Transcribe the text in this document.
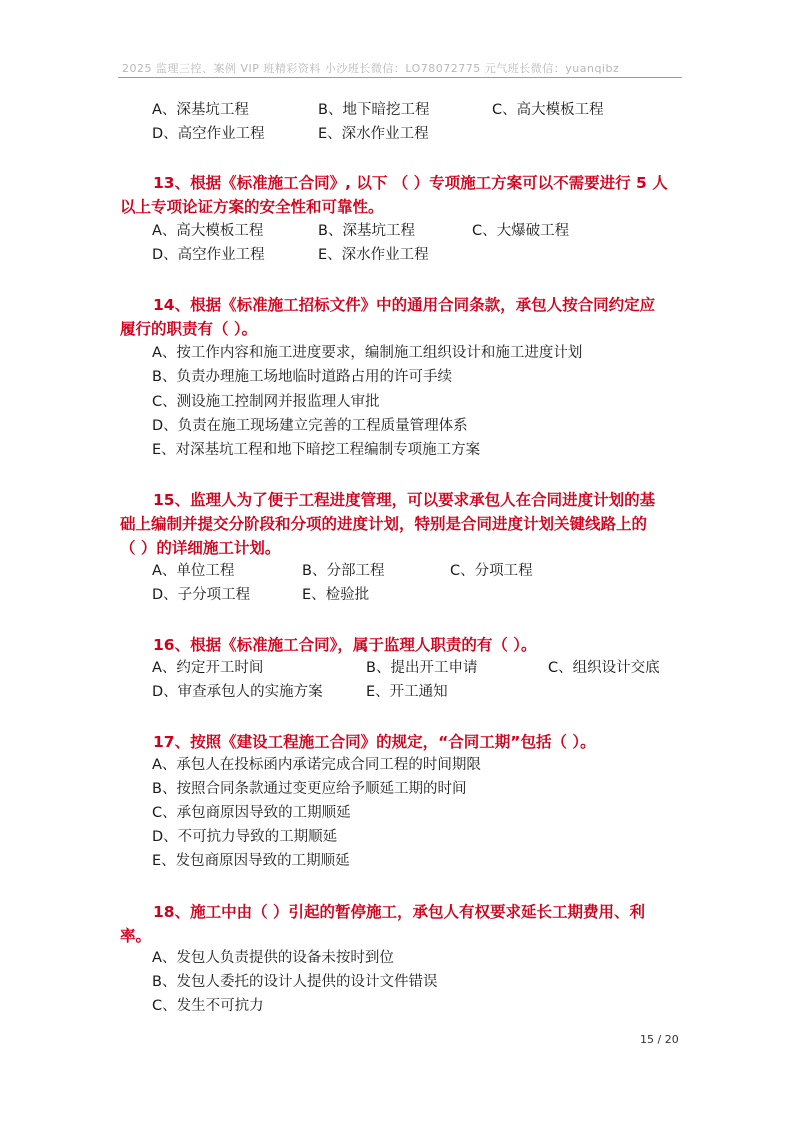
2025 监理三控、案例 VIP 班精彩资料 小沙班长微信：LO78072775 元气班长微信：yuanqibz
A、深基坑工程	B、地下暗挖工程	C、高大模板工程
D、高空作业工程	E、深水作业工程
13、根据《标准施工合同》, 以下 （ ）专项施工方案可以不需要进行 5 人
以上专项论证方案的安全性和可靠性。
A、高大模板工程	B、深基坑工程	C、大爆破工程
D、高空作业工程	E、深水作业工程
14、根据《标准施工招标文件》中的通用合同条款，承包人按合同约定应
履行的职责有（ ）。
A、按工作内容和施工进度要求，编制施工组织设计和施工进度计划
B、负责办理施工场地临时道路占用的许可手续
C、测设施工控制网并报监理人审批
D、负责在施工现场建立完善的工程质量管理体系
E、对深基坑工程和地下暗挖工程编制专项施工方案
15、监理人为了便于工程进度管理，可以要求承包人在合同进度计划的基
础上编制并提交分阶段和分项的进度计划，特别是合同进度计划关键线路上的
（ ）的详细施工计划。
A、单位工程	B、分部工程	C、分项工程
D、子分项工程	E、检验批
16、根据《标准施工合同》，属于监理人职责的有（ ）。
A、约定开工时间	B、提出开工申请	C、组织设计交底
D、审查承包人的实施方案	E、开工通知
17、按照《建设工程施工合同》的规定，“合同工期”包括（ ）。
A、承包人在投标函内承诺完成合同工程的时间期限
B、按照合同条款通过变更应给予顺延工期的时间
C、承包商原因导致的工期顺延
D、不可抗力导致的工期顺延
E、发包商原因导致的工期顺延
18、施工中由（ ）引起的暂停施工，承包人有权要求延长工期费用、利
率。
A、发包人负责提供的设备未按时到位
B、发包人委托的设计人提供的设计文件错误
C、发生不可抗力
15 / 20
